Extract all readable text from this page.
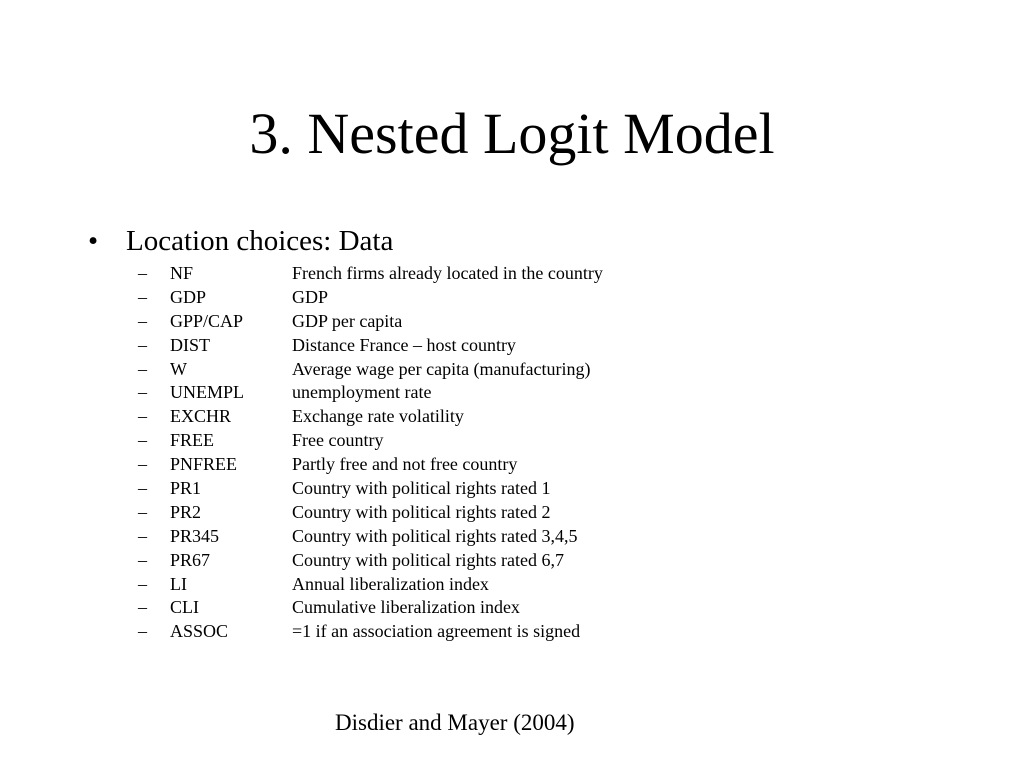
3. Nested Logit Model
• Location choices: Data
–	NF	French firms already located in the country
–	GDP	GDP
–	GPP/CAP	GDP per capita
–	DIST	Distance France – host country
–	W	Average wage per capita (manufacturing)
–	UNEMPL	unemployment rate
–	EXCHR	Exchange rate volatility
–	FREE	Free country
–	PNFREE	Partly free and not free country
–	PR1	Country with political rights rated 1
–	PR2	Country with political rights rated 2
–	PR345	Country with political rights rated 3,4,5
–	PR67	Country with political rights rated 6,7
–	LI	Annual liberalization index
–	CLI	Cumulative liberalization index
–	ASSOC	=1 if an association agreement is signed
Disdier and Mayer (2004)
